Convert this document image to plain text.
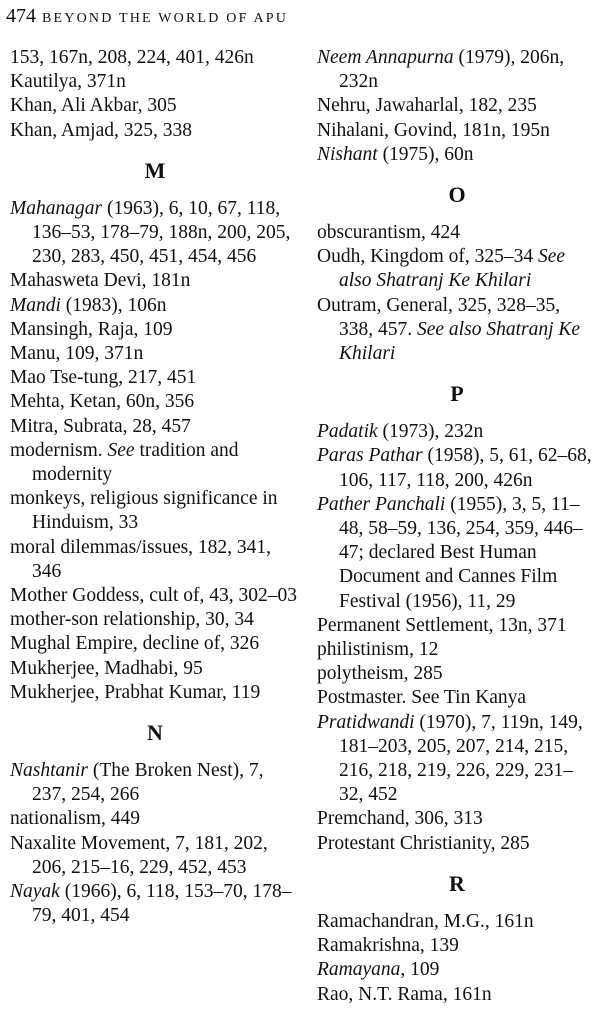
474 BEYOND THE WORLD OF APU

153, 167n, 208, 224, 401, 426n

Kautilya, 371n

Khan, Ali Akbar, 305

Khan, Amjad, 325, 338

M

Mahanagar (1963), 6, 10, 67, 118, 136–53, 178–79, 188n, 200, 205, 230, 283, 450, 451, 454, 456

Mahasweta Devi, 181n

Mandi (1983), 106n

Mansingh, Raja, 109

Manu, 109, 371n

Mao Tse-tung, 217, 451

Mehta, Ketan, 60n, 356

Mitra, Subrata, 28, 457

modernism. See tradition and modernity

monkeys, religious significance in Hinduism, 33

moral dilemmas/issues, 182, 341, 346

Mother Goddess, cult of, 43, 302–03

mother-son relationship, 30, 34

Mughal Empire, decline of, 326

Mukherjee, Madhabi, 95

Mukherjee, Prabhat Kumar, 119

N

Nashtanir (The Broken Nest), 7, 237, 254, 266

nationalism, 449

Naxalite Movement, 7, 181, 202, 206, 215–16, 229, 452, 453

Nayak (1966), 6, 118, 153–70, 178–79, 401, 454

Neem Annapurna (1979), 206n, 232n

Nehru, Jawaharlal, 182, 235

Nihalani, Govind, 181n, 195n

Nishant (1975), 60n

O

obscurantism, 424

Oudh, Kingdom of, 325–34 See also Shatranj Ke Khilari

Outram, General, 325, 328–35, 338, 457. See also Shatranj Ke Khilari

P

Padatik (1973), 232n

Paras Pathar (1958), 5, 61, 62–68, 106, 117, 118, 200, 426n

Pather Panchali (1955), 3, 5, 11–48, 58–59, 136, 254, 359, 446–47; declared Best Human Document and Cannes Film Festival (1956), 11, 29

Permanent Settlement, 13n, 371

philistinism, 12

polytheism, 285

Postmaster. See Tin Kanya

Pratidwandi (1970), 7, 119n, 149, 181–203, 205, 207, 214, 215, 216, 218, 219, 226, 229, 231–32, 452

Premchand, 306, 313

Protestant Christianity, 285

R

Ramachandran, M.G., 161n

Ramakrishna, 139

Ramayana, 109

Rao, N.T. Rama, 161n
